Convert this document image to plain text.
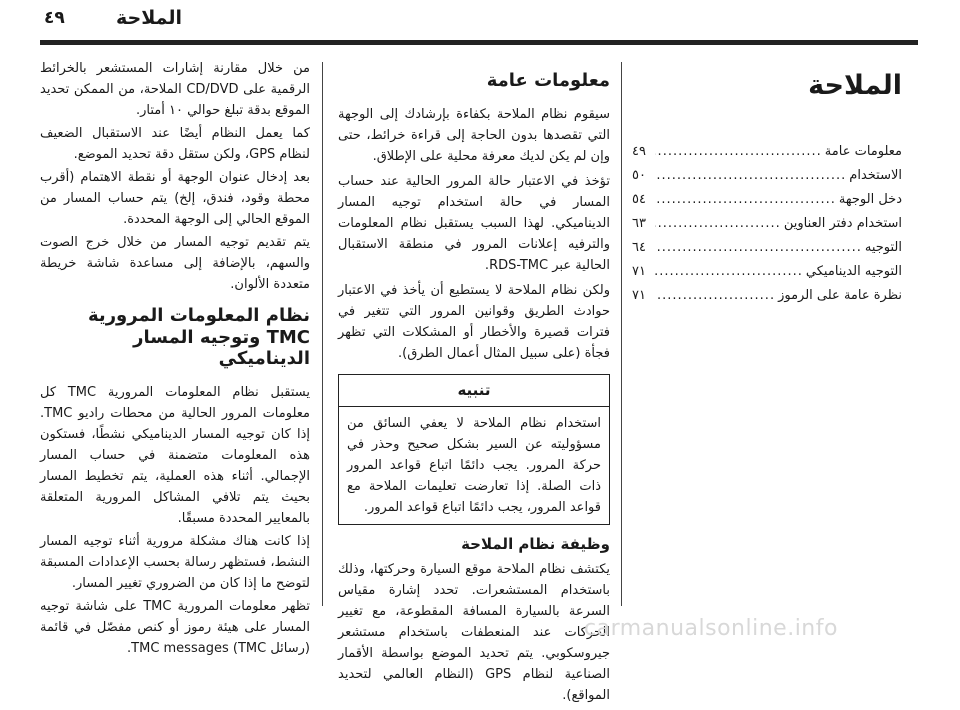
٤٩	الملاحة
الملاحة
معلومات عامة
.....
٤٩
الاستخدام
.....
٥٠
دخل الوجهة
.....
٥٤
استخدام دفتر العناوين
.....
٦٣
التوجيه
.....
٦٤
التوجيه الديناميكي
.....
٧١
نظرة عامة على الرموز
.....
٧١
معلومات عامة

سيقوم نظام الملاحة بكفاءة بإرشادك إلى الوجهة التي تقصدها بدون الحاجة إلى قراءة خرائط، حتى وإن لم يكن لديك معرفة محلية على الإطلاق.

تؤخذ في الاعتبار حالة المرور الحالية عند حساب المسار في حالة استخدام توجيه المسار الديناميكي. لهذا السبب يستقبل نظام المعلومات والترفيه إعلانات المرور في منطقة الاستقبال الحالية عبر RDS-TMC.

ولكن نظام الملاحة لا يستطيع أن يأخذ في الاعتبار حوادث الطريق وقوانين المرور التي تتغير في فترات قصيرة والأخطار أو المشكلات التي تظهر فجأة (على سبيل المثال أعمال الطرق).

تنبيه
استخدام نظام الملاحة لا يعفي السائق من مسؤوليته عن السير بشكل صحيح وحذر في حركة المرور. يجب دائمًا اتباع قواعد المرور ذات الصلة. إذا تعارضت تعليمات الملاحة مع قواعد المرور، يجب دائمًا اتباع قواعد المرور.
وظيفة نظام الملاحة

يكتشف نظام الملاحة موقع السيارة وحركتها، وذلك باستخدام المستشعرات. تحدد إشارة مقياس السرعة بالسيارة المسافة المقطوعة، مع تغيير الحركات عند المنعطفات باستخدام مستشعر جيروسكوبي. يتم تحديد الموضع بواسطة الأقمار الصناعية لنظام GPS (النظام العالمي لتحديد المواقع).

من خلال مقارنة إشارات المستشعر بالخرائط الرقمية على CD/DVD الملاحة، من الممكن تحديد الموقع بدقة تبلغ حوالي ١٠ أمتار.

كما يعمل النظام أيضًا عند الاستقبال الضعيف لنظام GPS، ولكن ستقل دقة تحديد الموضع.

بعد إدخال عنوان الوجهة أو نقطة الاهتمام (أقرب محطة وقود، فندق، إلخ) يتم حساب المسار من الموقع الحالي إلى الوجهة المحددة.

يتم تقديم توجيه المسار من خلال خرج الصوت والسهم، بالإضافة إلى مساعدة شاشة خريطة متعددة الألوان.

نظام المعلومات المرورية TMC وتوجيه المسار الديناميكي

يستقبل نظام المعلومات المرورية TMC كل معلومات المرور الحالية من محطات راديو TMC. إذا كان توجيه المسار الديناميكي نشطًا، فستكون هذه المعلومات متضمنة في حساب المسار الإجمالي. أثناء هذه العملية، يتم تخطيط المسار بحيث يتم تلافي المشاكل المرورية المتعلقة بالمعايير المحددة مسبقًا.

إذا كانت هناك مشكلة مرورية أثناء توجيه المسار النشط، فستظهر رسالة بحسب الإعدادات المسبقة لتوضح ما إذا كان من الضروري تغيير المسار.

تظهر معلومات المرورية TMC على شاشة توجيه المسار على هيئة رموز أو كنص مفصّل في قائمة (رسائل TMC) TMC messages.

carmanualsonline.info
